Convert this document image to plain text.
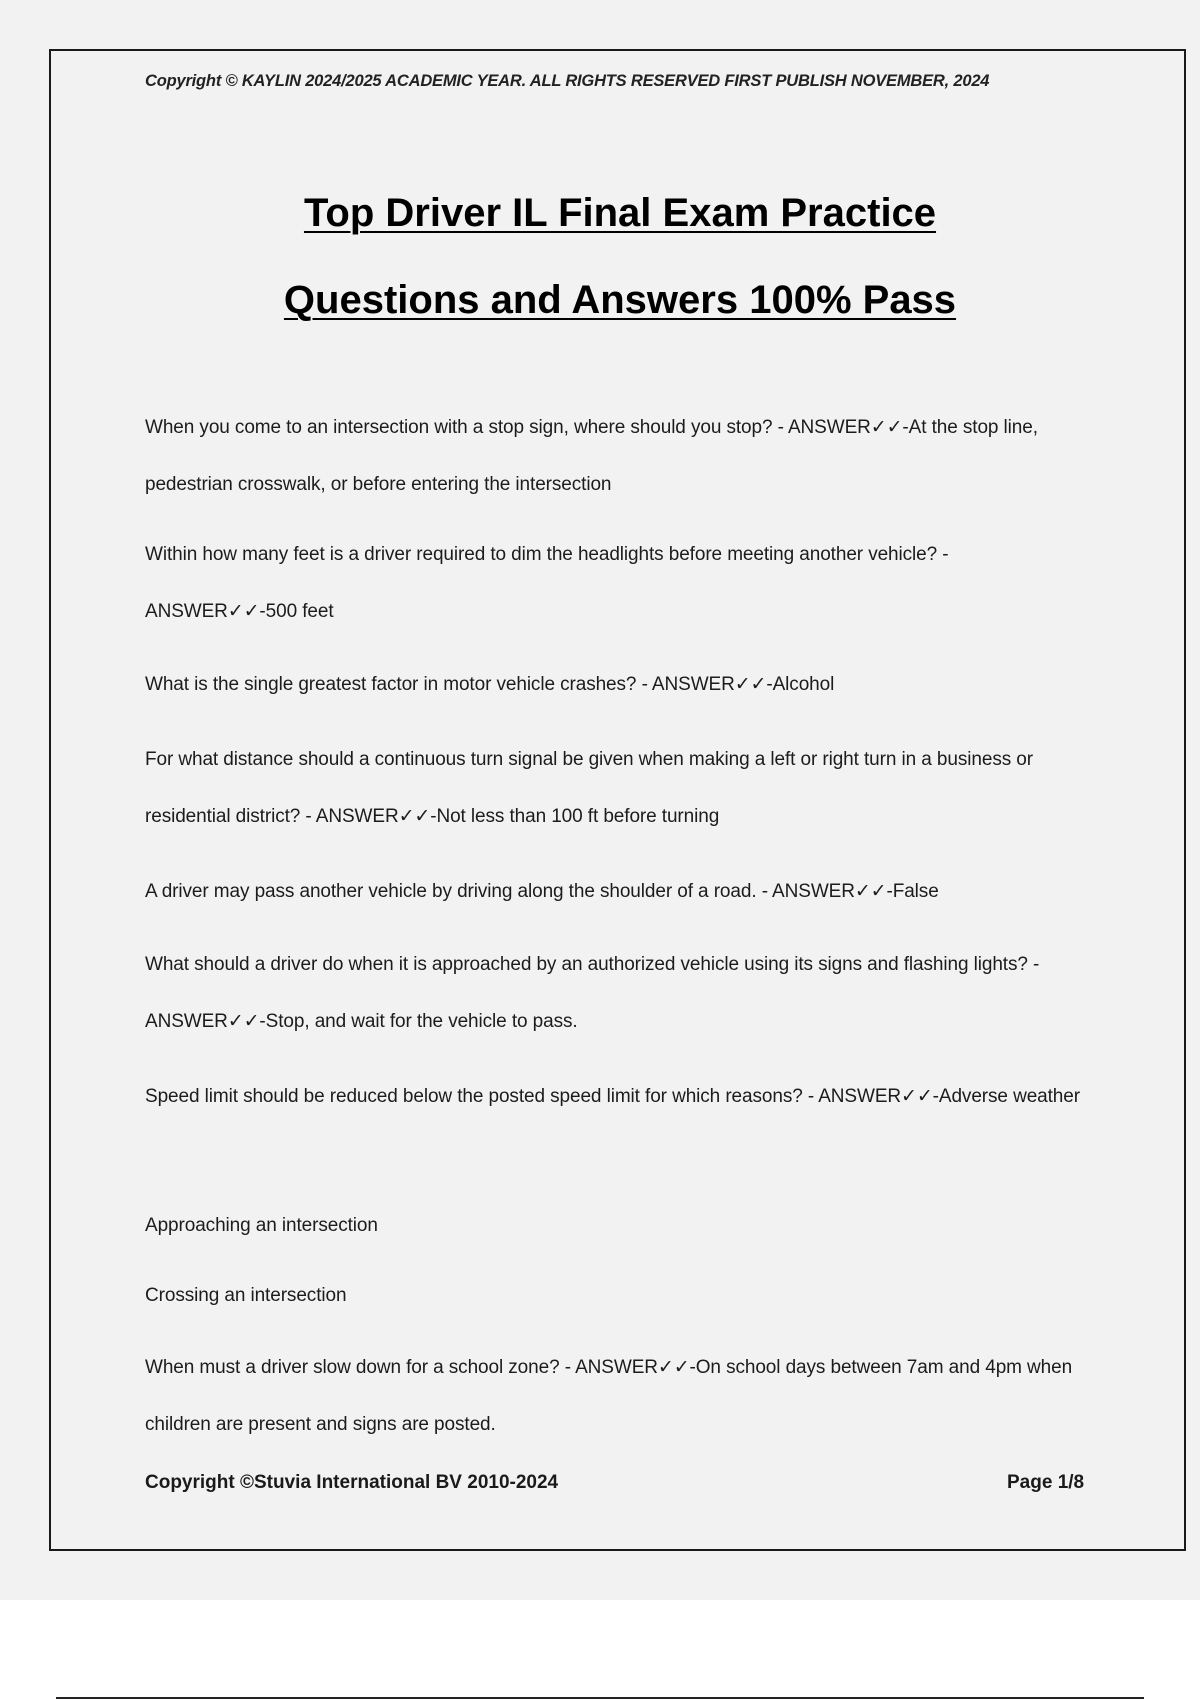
Copyright © KAYLIN 2024/2025 ACADEMIC YEAR. ALL RIGHTS RESERVED FIRST PUBLISH NOVEMBER, 2024
Top Driver IL Final Exam Practice
Questions and Answers 100% Pass

When you come to an intersection with a stop sign, where should you stop? - ANSWER✓✓-At the stop line, pedestrian crosswalk, or before entering the intersection

Within how many feet is a driver required to dim the headlights before meeting another vehicle? - ANSWER✓✓-500 feet

What is the single greatest factor in motor vehicle crashes? - ANSWER✓✓-Alcohol

For what distance should a continuous turn signal be given when making a left or right turn in a business or residential district? - ANSWER✓✓-Not less than 100 ft before turning

A driver may pass another vehicle by driving along the shoulder of a road. - ANSWER✓✓-False

What should a driver do when it is approached by an authorized vehicle using its signs and flashing lights? - ANSWER✓✓-Stop, and wait for the vehicle to pass.

Speed limit should be reduced below the posted speed limit for which reasons? - ANSWER✓✓-Adverse weather

Approaching an intersection

Crossing an intersection

When must a driver slow down for a school zone? - ANSWER✓✓-On school days between 7am and 4pm when children are present and signs are posted.

Copyright ©Stuvia International BV 2010-2024	Page 1/8
